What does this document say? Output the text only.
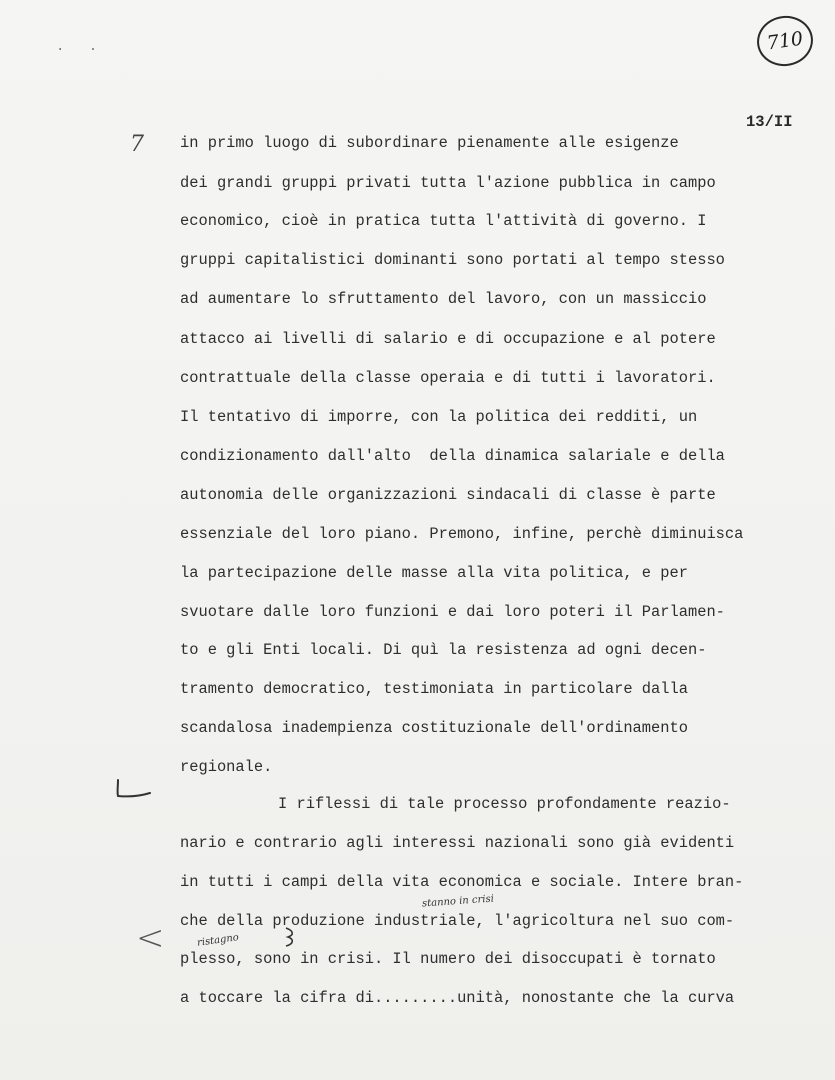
· ·	710
13/II
7
<

in primo luogo di subordinare pienamente alle esigenze

dei grandi gruppi privati tutta l'azione pubblica in campo

economico, cioè in pratica tutta l'attività di governo. I

gruppi capitalistici dominanti sono portati al tempo stesso

ad aumentare lo sfruttamento del lavoro, con un massiccio

attacco ai livelli di salario e di occupazione e al potere

contrattuale della classe operaia e di tutti i lavoratori.

Il tentativo di imporre, con la politica dei redditi, un

condizionamento dall'alto  della dinamica salariale e della

autonomia delle organizzazioni sindacali di classe è parte

essenziale del loro piano. Premono, infine, perchè diminuisca

la partecipazione delle masse alla vita politica, e per

svuotare dalle loro funzioni e dai loro poteri il Parlamen-

to e gli Enti locali. Di quì la resistenza ad ogni decen-

tramento democratico, testimoniata in particolare dalla

scandalosa inadempienza costituzionale dell'ordinamento

regionale.

I riflessi di tale processo profondamente reazio-

nario e contrario agli interessi nazionali sono già evidenti

in tutti i campi della vita economica e sociale. Intere bran-

che della produzione industriale, l'agricoltura nel suo com-

plesso, sono in crisi. Il numero dei disoccupati è tornato

a toccare la cifra di.........unità, nonostante che la curva

stanno in crisi
ristagno
